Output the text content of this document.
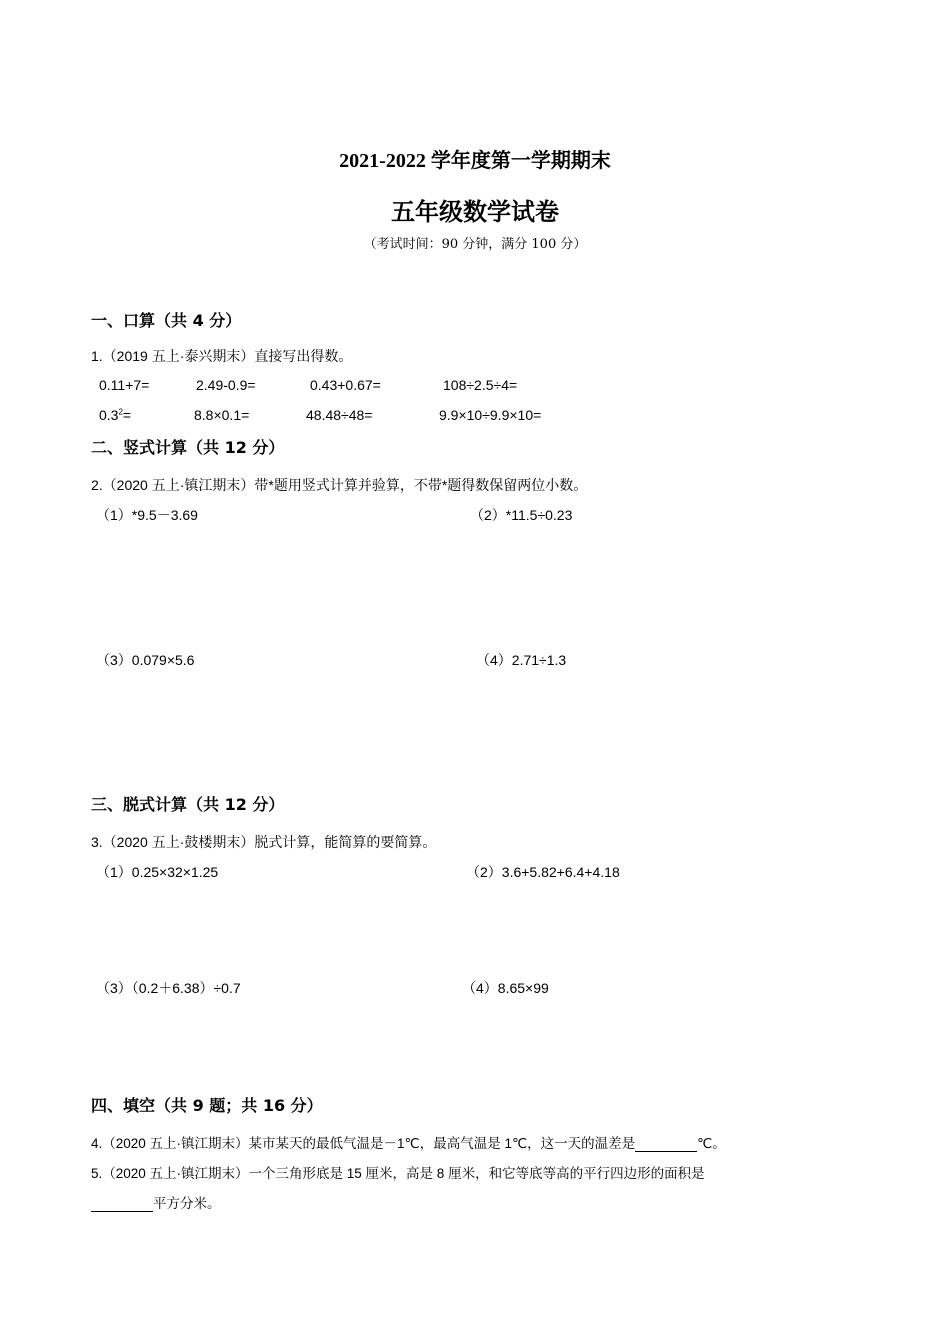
2021-2022 学年度第一学期期末
五年级数学试卷
（考试时间：90 分钟，满分 100 分）
一、口算（共 4 分）
1.（2019 五上·泰兴期末）直接写出得数。
0.11+7=	2.49-0.9=	0.43+0.67=	108÷2.5÷4=
$0.3^2=$	8.8×0.1=	48.48÷48=	9.9×10÷9.9×10=
二、竖式计算（共 12 分）
2.（2020 五上·镇江期末）带*题用竖式计算并验算，不带*题得数保留两位小数。
（1）*9.5－3.69	（2）*11.5÷0.23
（3）0.079×5.6	（4）2.71÷1.3
三、脱式计算（共 12 分）
3.（2020 五上·鼓楼期末）脱式计算，能简算的要简算。
（1）0.25×32×1.25	（2）3.6+5.82+6.4+4.18
（3）（0.2＋6.38）÷0.7	（4）8.65×99
四、填空（共 9 题；共 16 分）
4.（2020 五上·镇江期末）某市某天的最低气温是－1℃，最高气温是 1℃，这一天的温差是	℃。
5.（2020 五上·镇江期末）一个三角形底是 15 厘米，高是 8 厘米，和它等底等高的平行四边形的面积是
平方分米。
